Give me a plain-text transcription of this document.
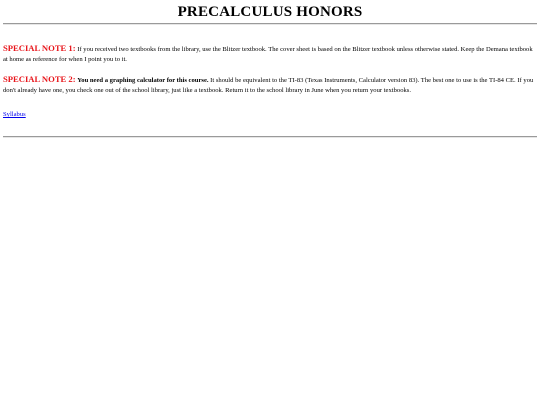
PRECALCULUS HONORS

SPECIAL NOTE 1: If you received two textbooks from the library, use the Blitzer textbook. The cover sheet is based on the Blitzer textbook unless otherwise stated. Keep the Demana textbook at home as reference for when I point you to it.

SPECIAL NOTE 2: You need a graphing calculator for this course. It should be equivalent to the TI-83 (Texas Instruments, Calculator version 83). The best one to use is the TI-84 CE. If you don't already have one, you check one out of the school library, just like a textbook. Return it to the school library in June when you return your textbooks.

Syllabus
